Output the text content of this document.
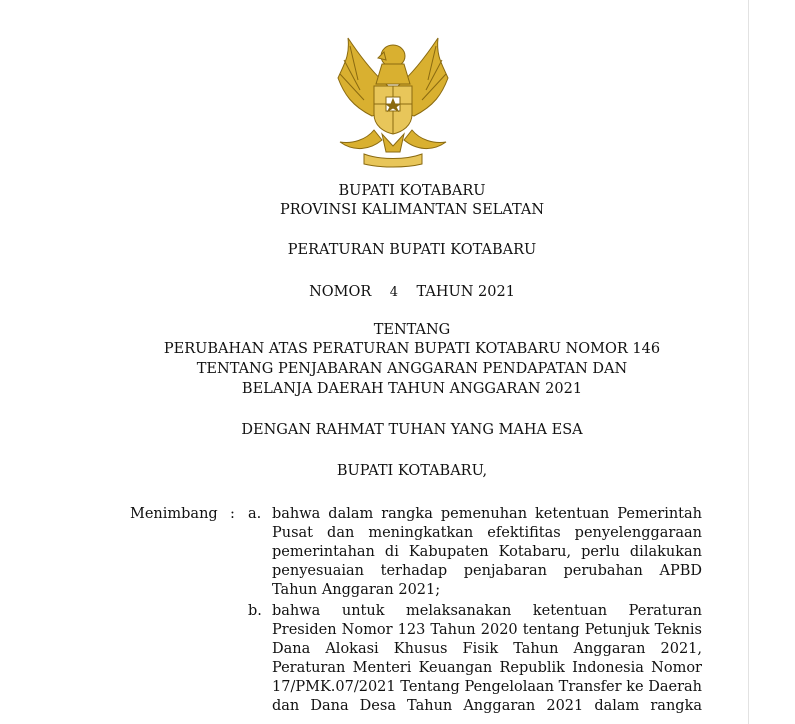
BUPATI KOTABARU
PROVINSI KALIMANTAN SELATAN
PERATURAN BUPATI KOTABARU
NOMOR 4 TAHUN 2021
TENTANG
PERUBAHAN ATAS PERATURAN BUPATI KOTABARU NOMOR 146
TENTANG PENJABARAN ANGGARAN PENDAPATAN DAN
BELANJA DAERAH TAHUN ANGGARAN 2021
DENGAN RAHMAT TUHAN YANG MAHA ESA
BUPATI KOTABARU,
Menimbang : a. bahwa dalam rangka pemenuhan ketentuan Pemerintah
Pusat dan meningkatkan efektifitas penyelenggaraan
pemerintahan di Kabupaten Kotabaru, perlu dilakukan
penyesuaian terhadap penjabaran perubahan APBD
Tahun Anggaran 2021;
b. bahwa untuk melaksanakan ketentuan Peraturan
Presiden Nomor 123 Tahun 2020 tentang Petunjuk Teknis
Dana Alokasi Khusus Fisik Tahun Anggaran 2021,
Peraturan Menteri Keuangan Republik Indonesia Nomor
17/PMK.07/2021 Tentang Pengelolaan Transfer ke Daerah
dan Dana Desa Tahun Anggaran 2021 dalam rangka
